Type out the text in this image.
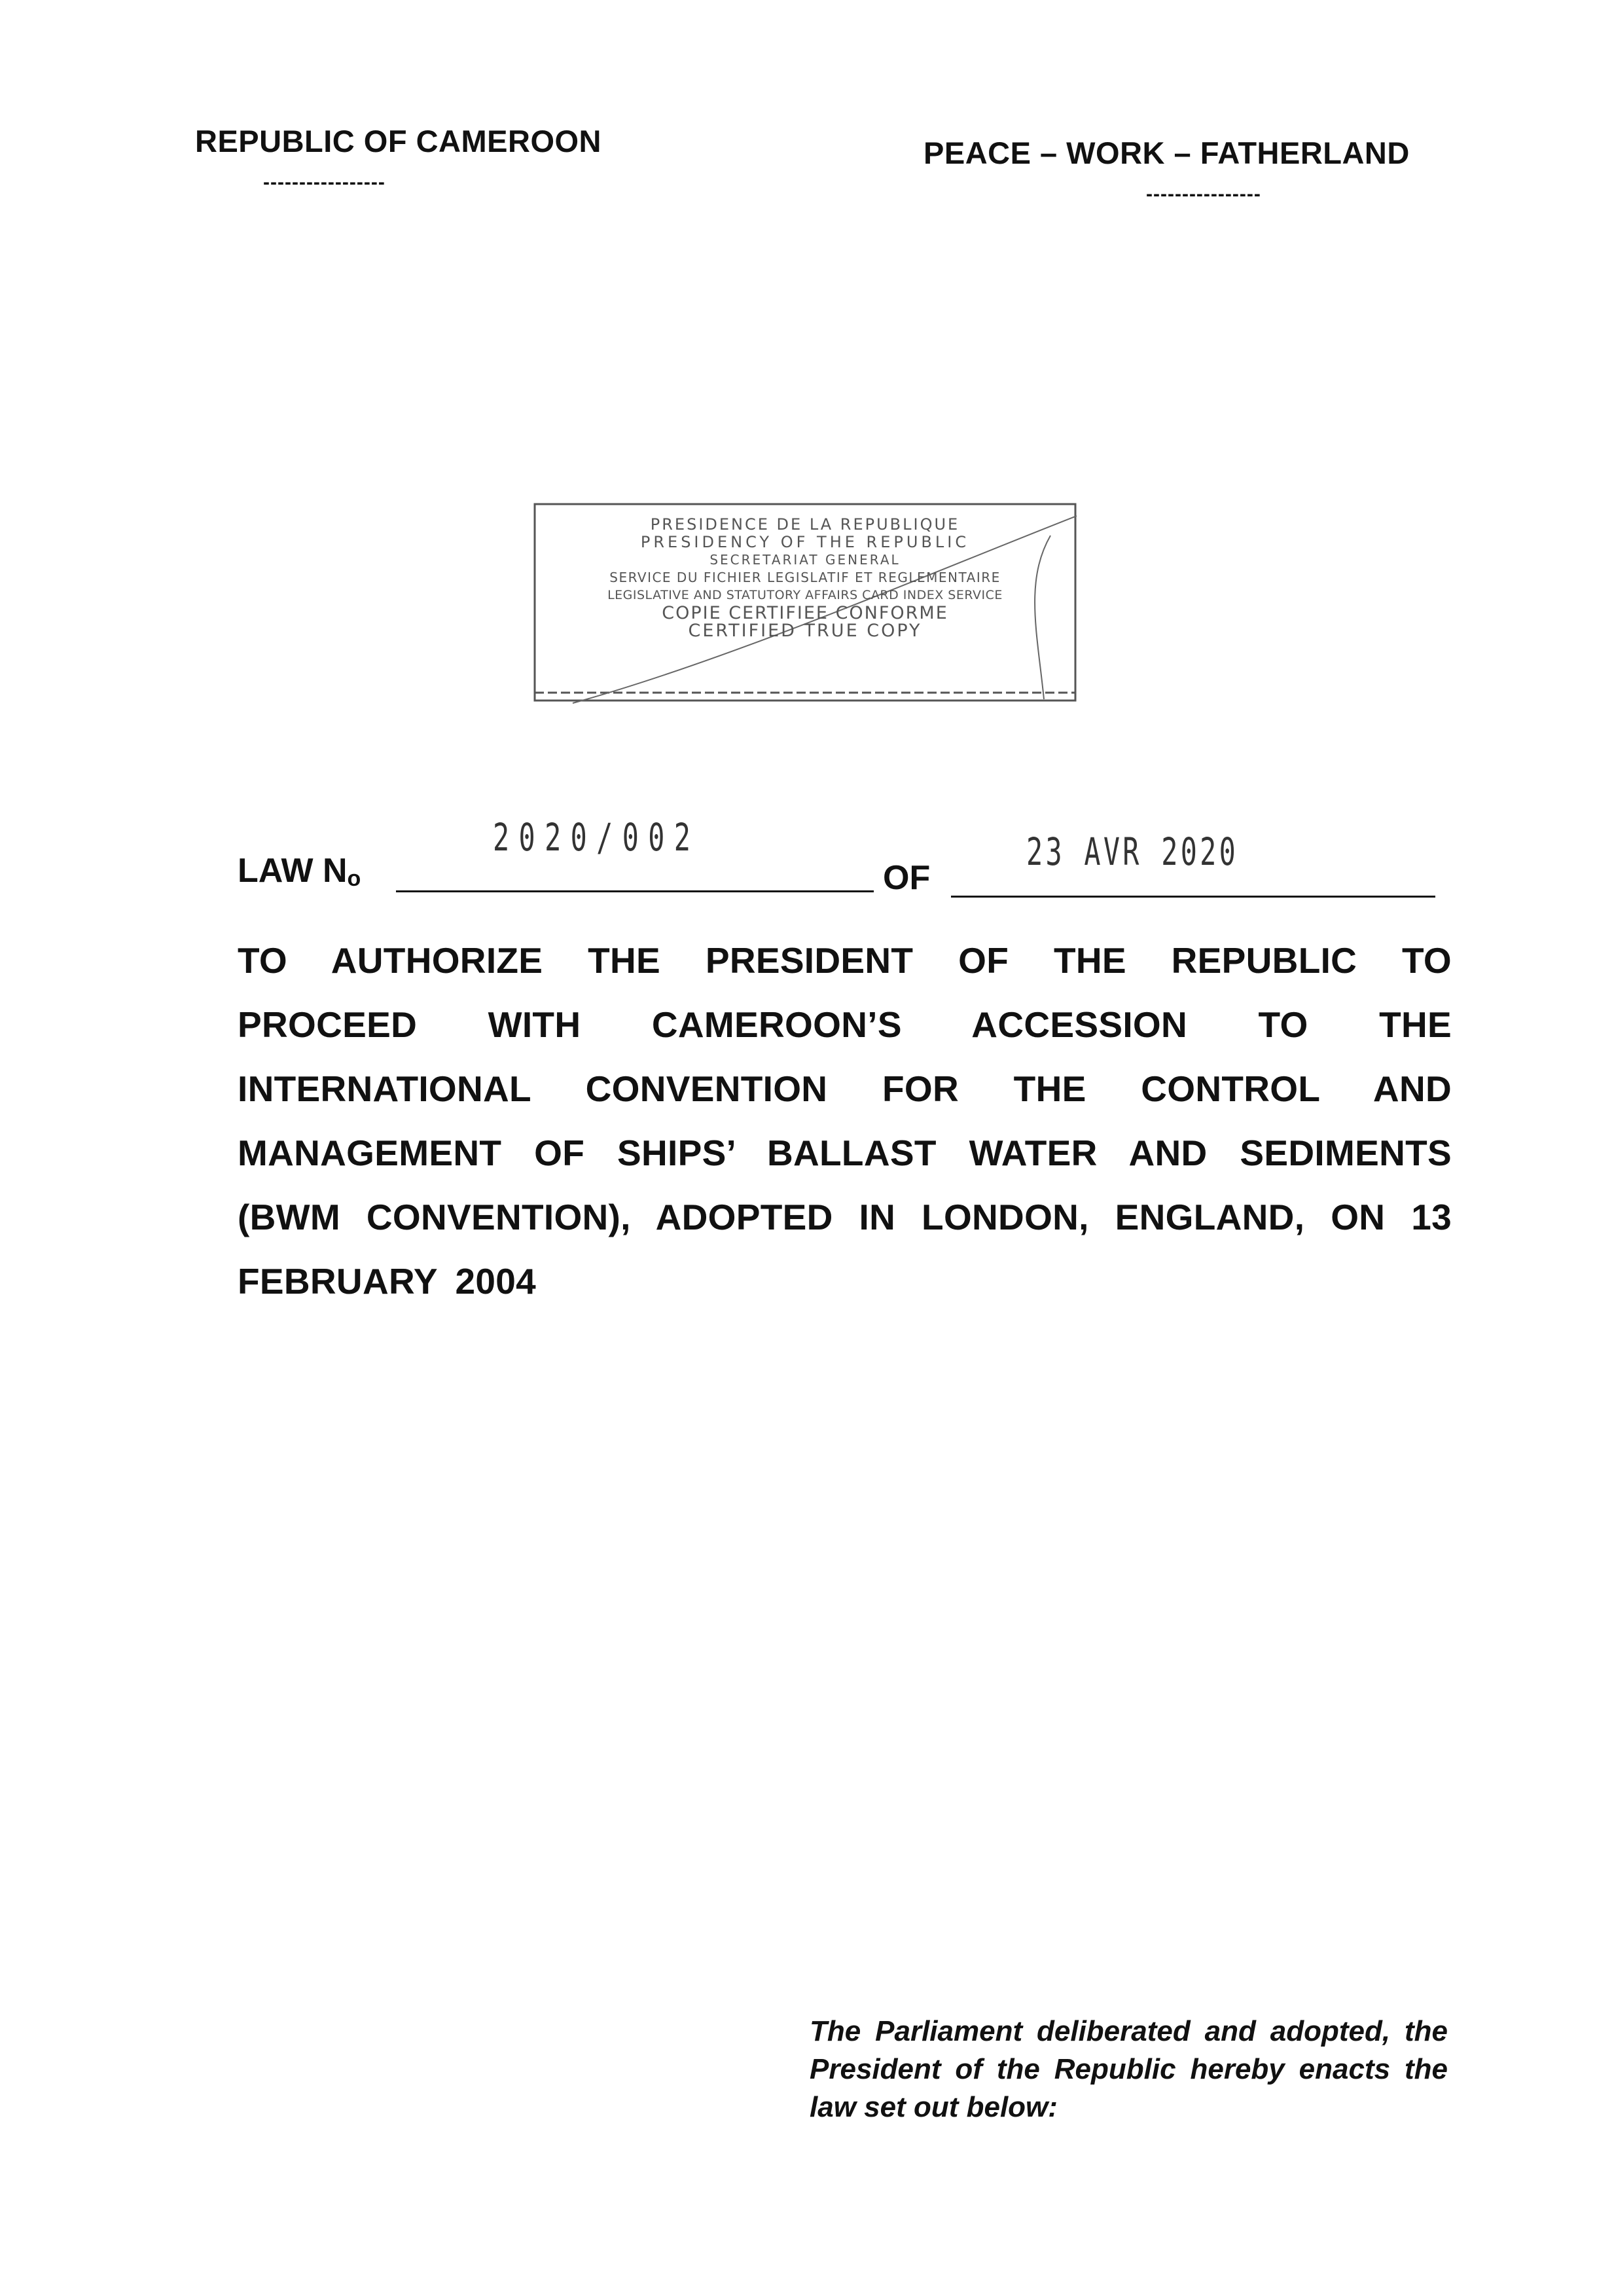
REPUBLIC OF CAMEROON
-----------------
PEACE – WORK – FATHERLAND
----------------
PRESIDENCE DE LA REPUBLIQUE
PRESIDENCY OF THE REPUBLIC
SECRETARIAT GENERAL
SERVICE DU FICHIER LEGISLATIF ET REGLEMENTAIRE
LEGISLATIVE AND STATUTORY AFFAIRS CARD INDEX SERVICE
COPIE CERTIFIEE CONFORME
CERTIFIED TRUE COPY
LAW $N_o$
2020/002
OF
23 AVR 2020
TO AUTHORIZE THE PRESIDENT OF THE REPUBLIC TO PROCEED WITH CAMEROON’S ACCESSION TO THE INTERNATIONAL CONVENTION FOR THE CONTROL AND MANAGEMENT OF SHIPS’ BALLAST WATER AND SEDIMENTS (BWM CONVENTION), ADOPTED IN LONDON, ENGLAND, ON 13 FEBRUARY 2004
The Parliament deliberated and adopted, the President of the Republic hereby enacts the law set out below:
